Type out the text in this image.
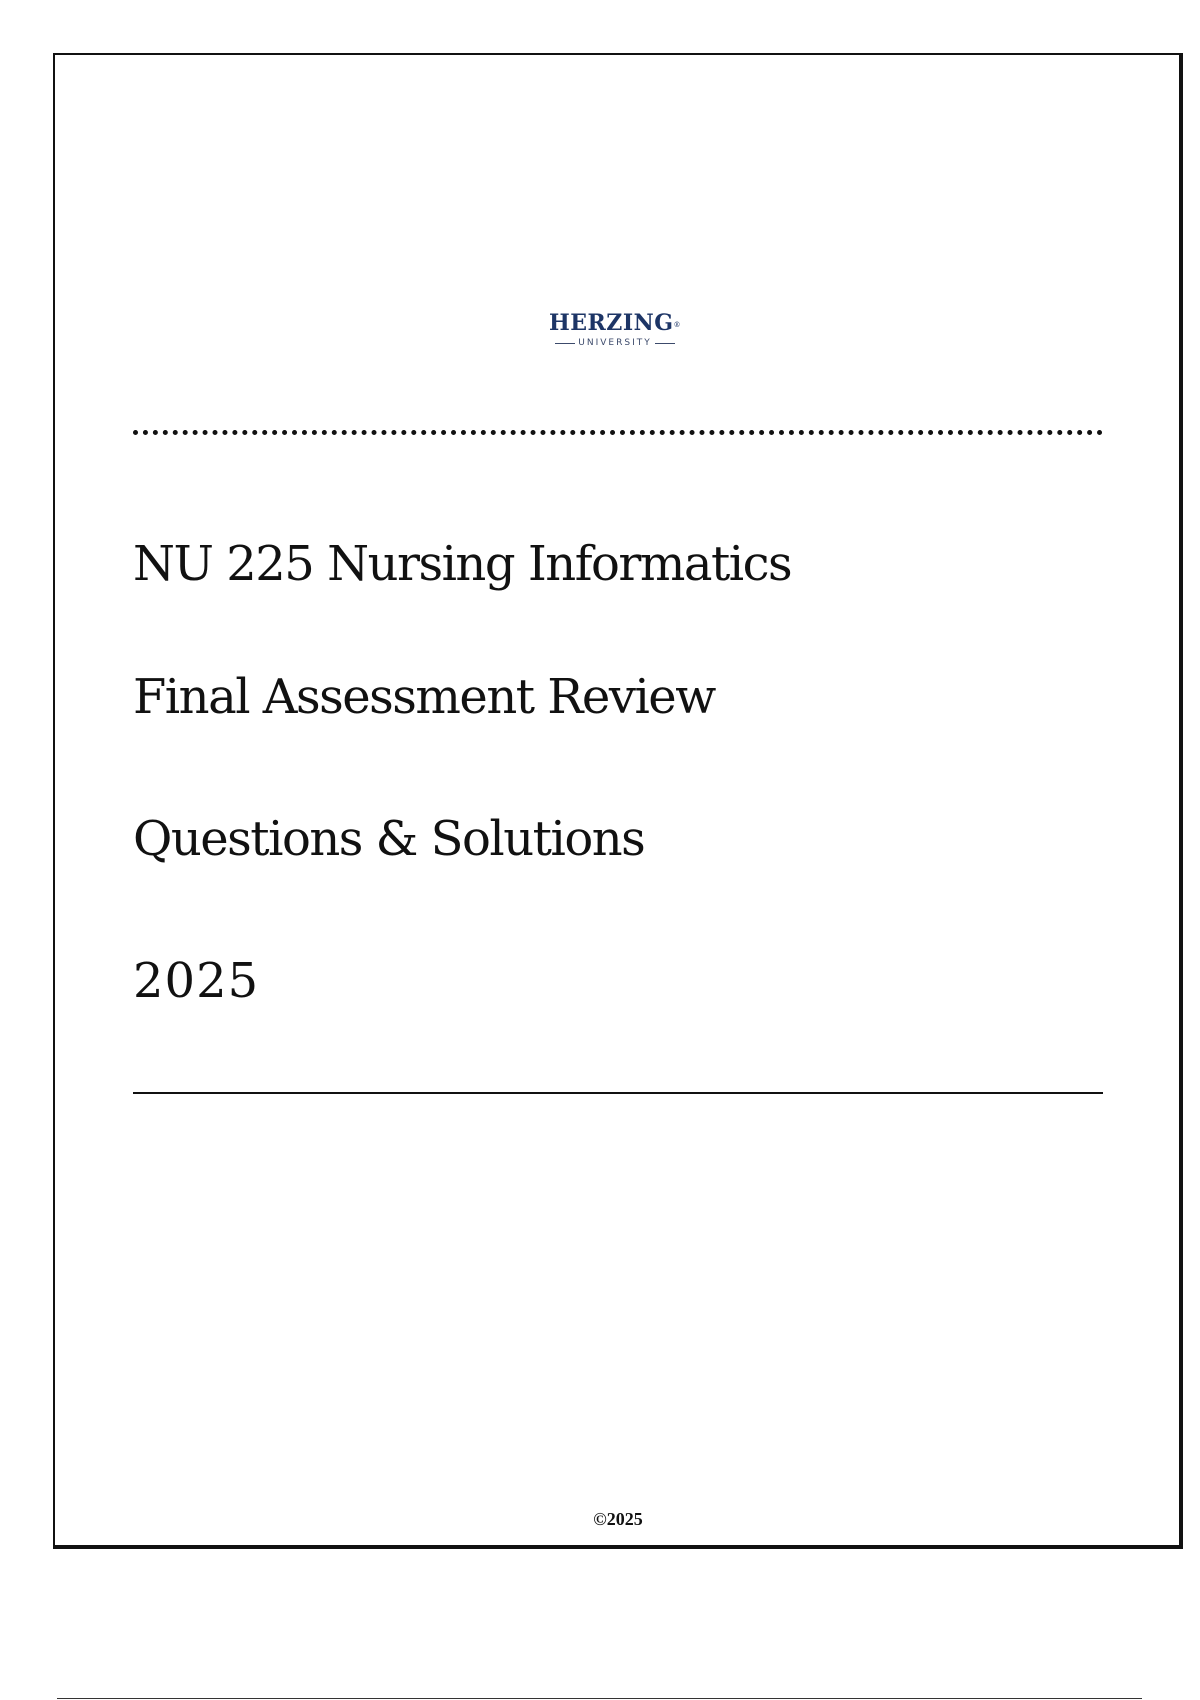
HERZING®
UNIVERSITY
NU 225 Nursing Informatics
Final Assessment Review
Questions & Solutions
2025
©2025
